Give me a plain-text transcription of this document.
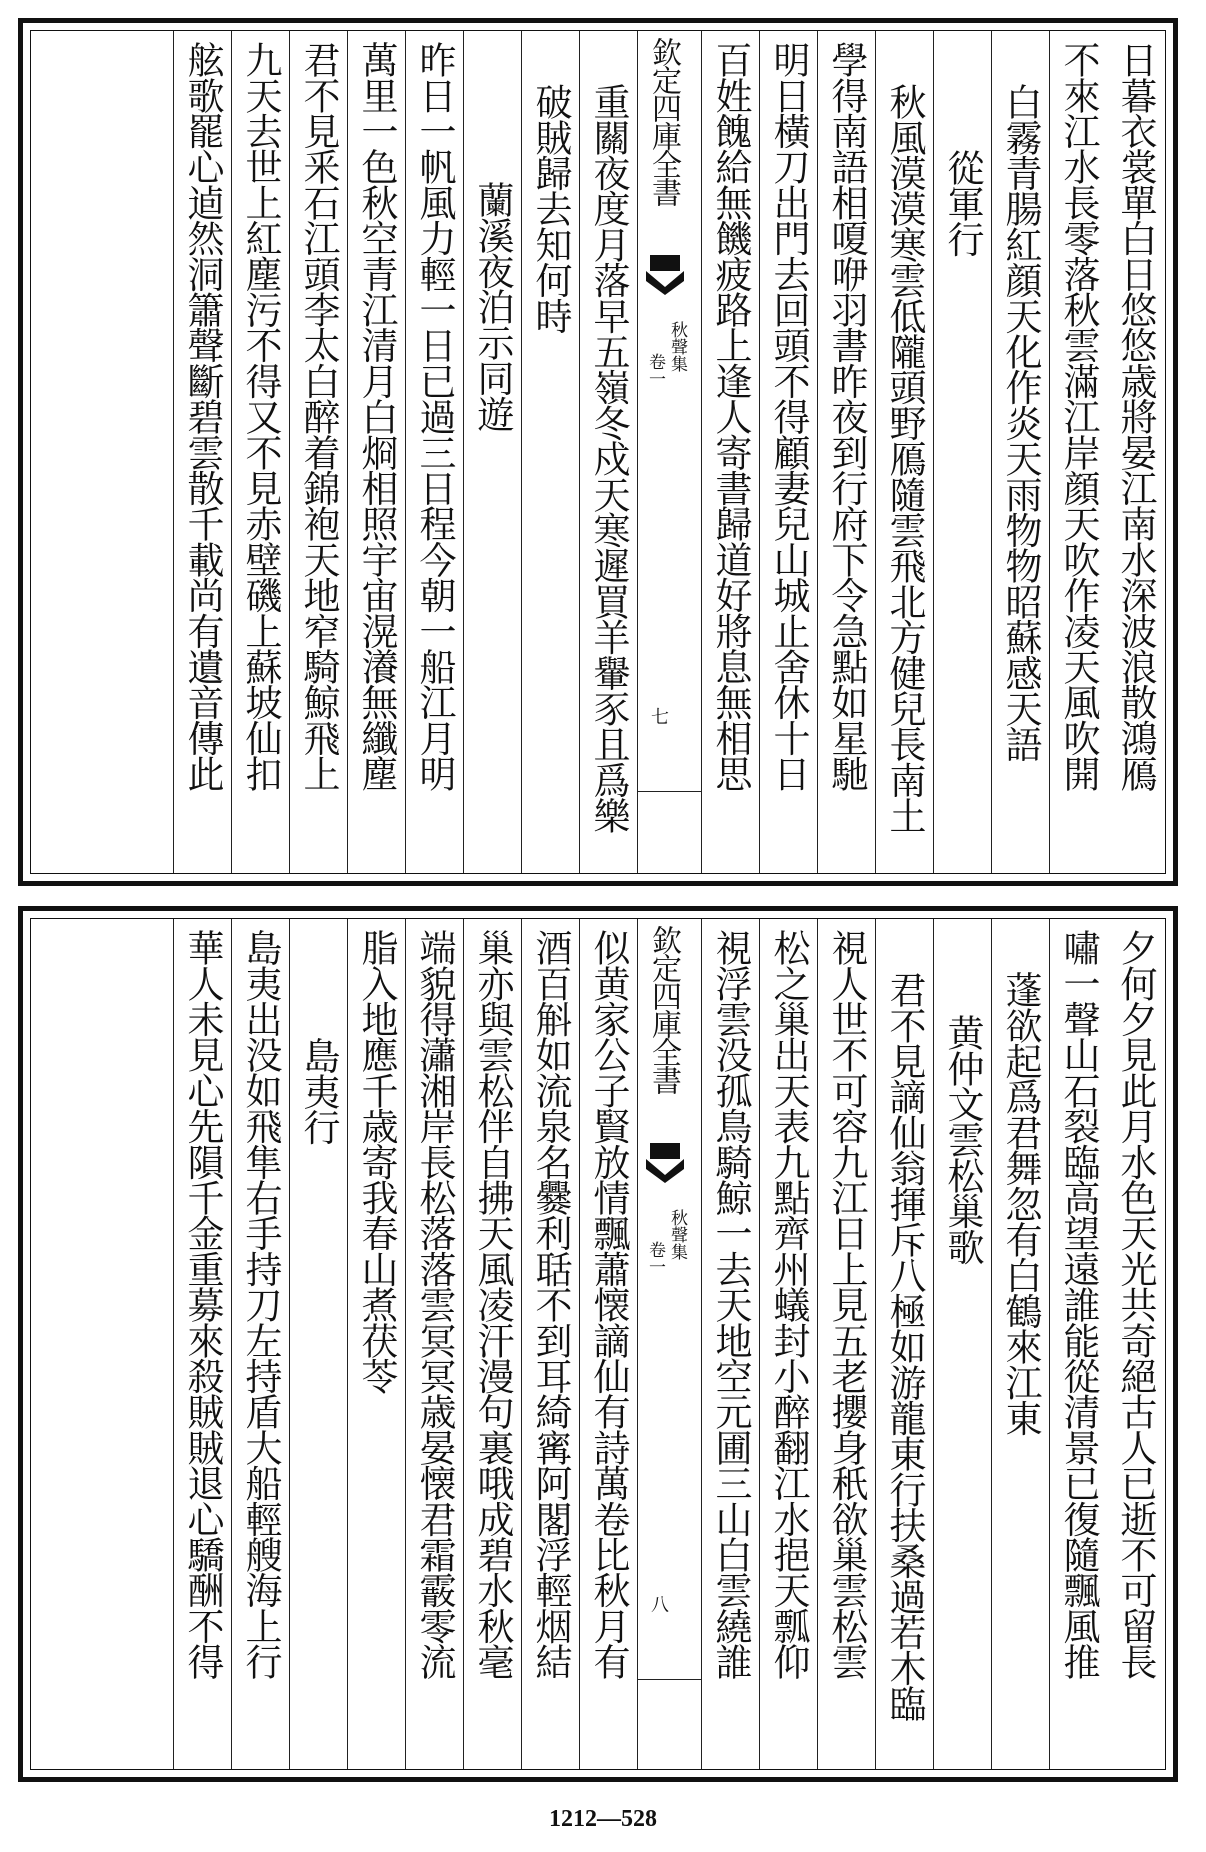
日暮衣裳單白日悠悠歳將晏江南水深波浪散鴻鴈
不來江水長零落秋雲滿江岸顔天吹作凌天風吹開
白霧青腸紅顔天化作炎天雨物物昭蘇感天語
從軍行
秋風漠漠寒雲低隴頭野鴈隨雲飛北方健兒長南土
學得南語相嗄咿羽書昨夜到行府下令急點如星馳
明日橫刀出門去回頭不得顧妻兒山城止舍休十日
百姓餽給無饑疲路上逢人寄書歸道好將息無相思
欽定四庫全書
秋聲集
卷一
七
重關夜度月落早五嶺冬戍天寒遲買羊轝豕且爲樂
破賊歸去知何時
蘭溪夜泊示同遊
昨日一帆風力輕一日已過三日程今朝一船江月明
萬里一色秋空青江清月白烱相照宇宙滉瀁無纖塵
君不見釆石江頭李太白醉着錦袍天地窄騎鯨飛上
九天去世上紅塵污不得又不見赤壁磯上蘇坡仙扣
舷歌罷心逌然洞簫聲斷碧雲散千載尚有遺音傳此
夕何夕見此月水色天光共奇絕古人已逝不可留長
嘯一聲山石裂臨高望遠誰能從清景已復隨飄風推
蓬欲起爲君舞忽有白鶴來江東
黄仲文雲松巢歌
君不見謫仙翁揮斥八極如游龍東行扶桑過若木臨
視人世不可容九江日上見五老攖身秖欲巢雲松雲
松之巢出天表九點齊州蟻封小醉翻江水挹天瓢仰
視浮雲没孤鳥騎鯨一去天地空元圃三山白雲繞誰
欽定四庫全書
秋聲集
卷一
八
似黄家公子賢放情飄蕭懐謫仙有詩萬卷比秋月有
酒百斛如流泉名爨利聒不到耳綺寗阿閣浮輕烟結
巢亦與雲松伴自拂天風凌汗漫句裏哦成碧水秋毫
端貌得瀟湘岸長松落落雲冥冥歳晏懐君霜霰零流
脂入地應千歳寄我春山煮茯苓
島夷行
島夷出没如飛隼右手持刀左持盾大船輕艘海上行
華人未見心先隕千金重募來殺賊賊退心驕酬不得
1212—528
